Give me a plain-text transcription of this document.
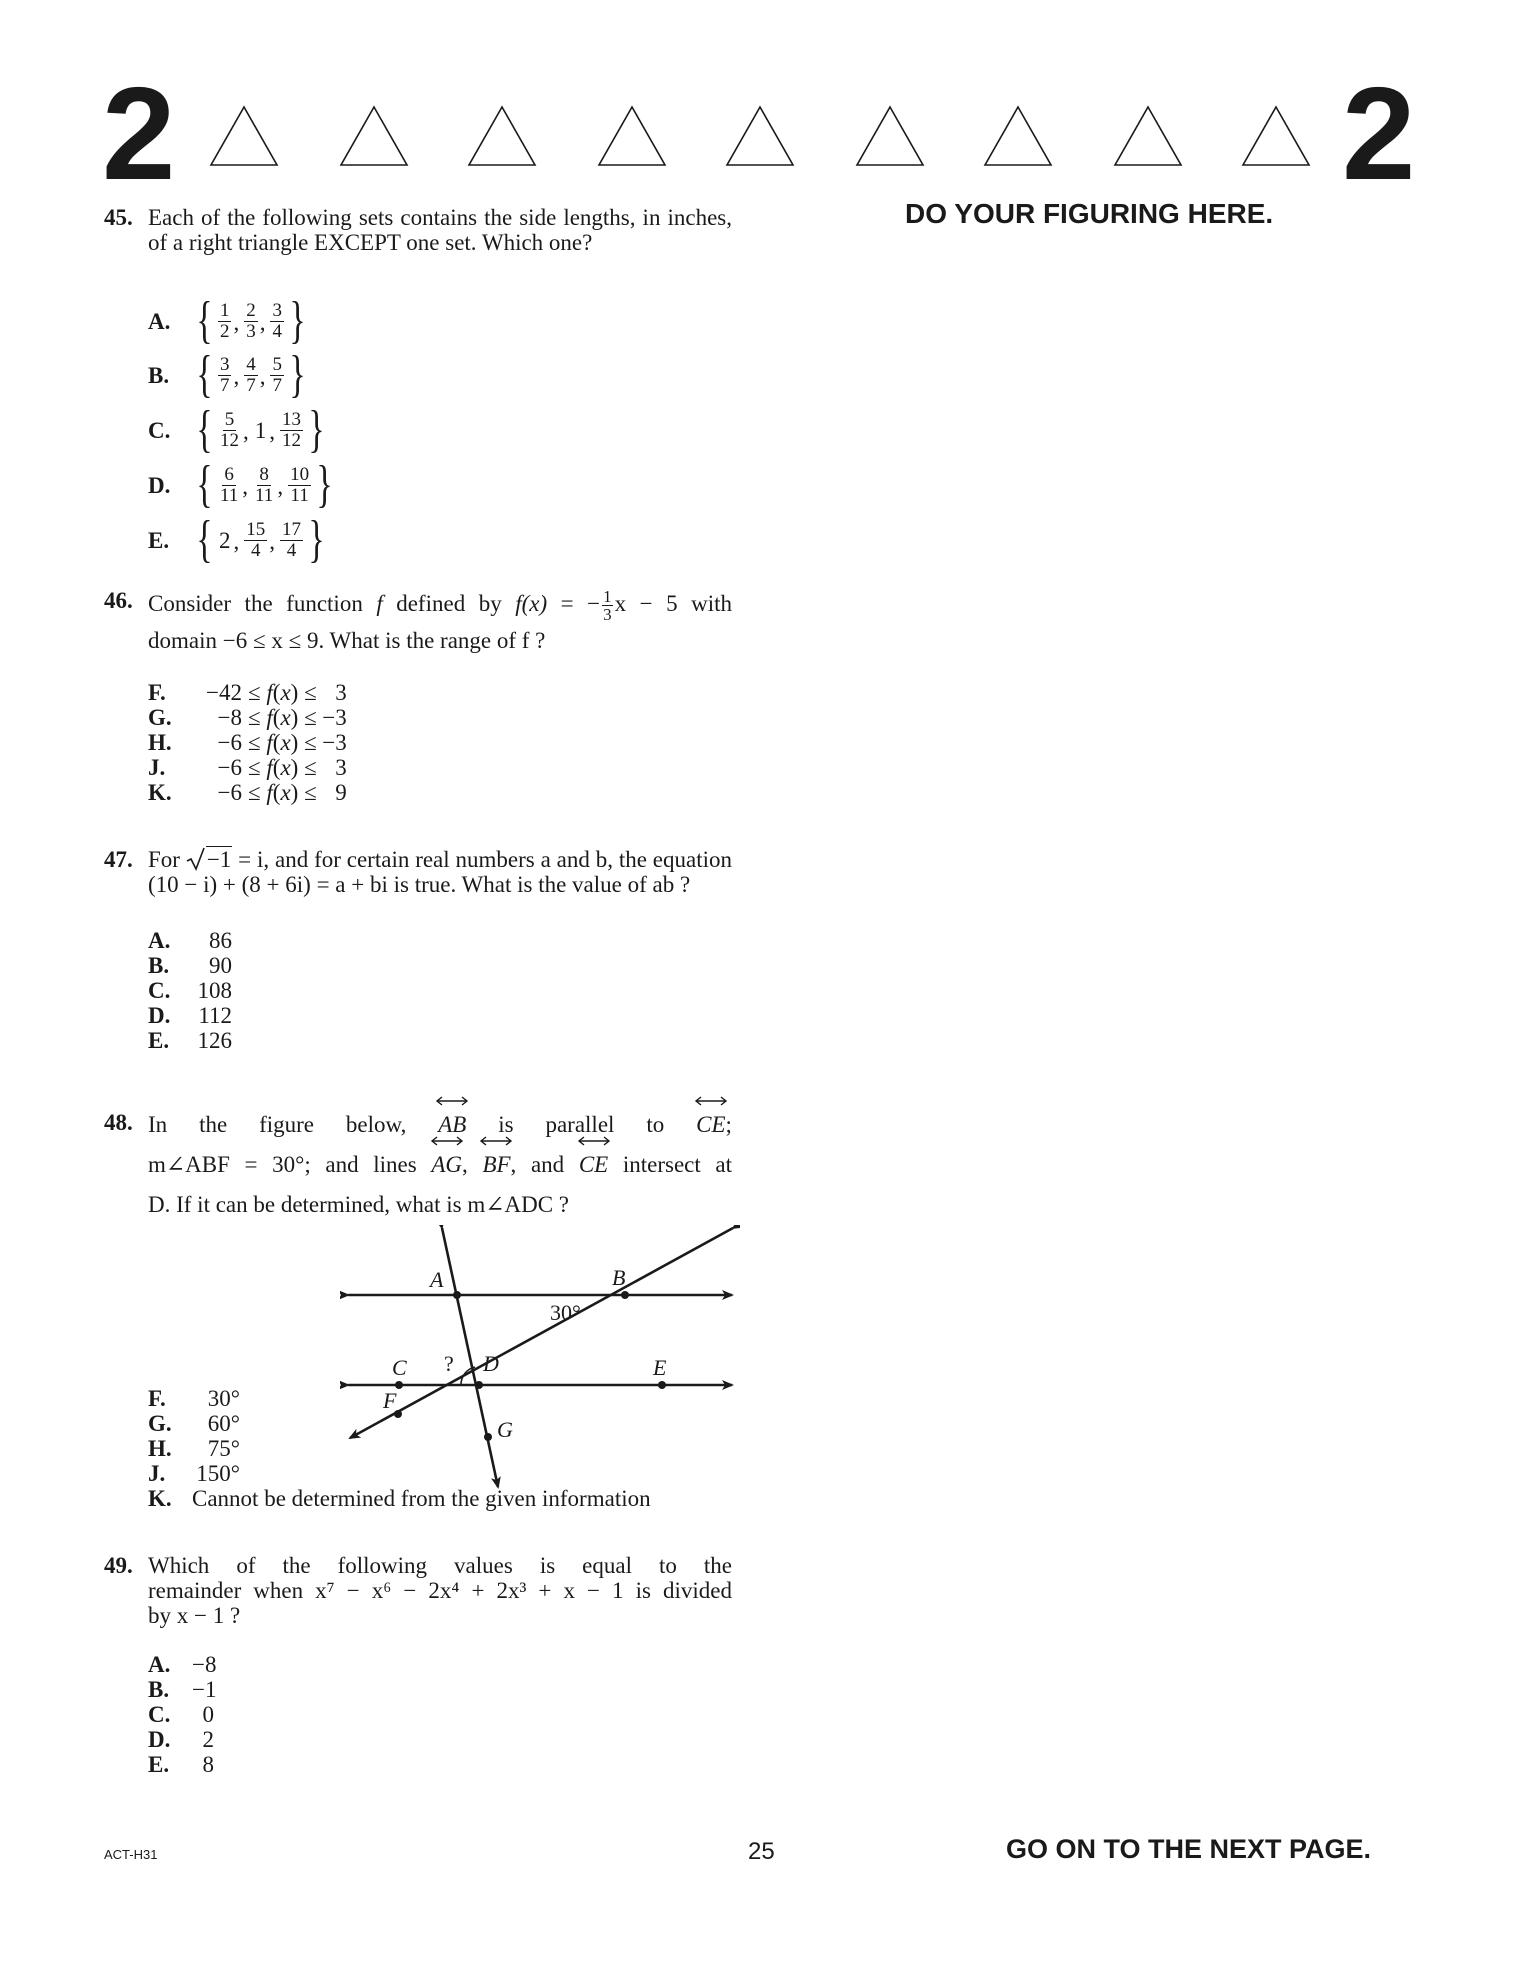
2	2
DO YOUR FIGURING HERE.
45. Each of the following sets contains the side lengths, in inches, of a right triangle EXCEPT one set. Which one?
A. { $\frac{1}{2}$ , $\frac{2}{3}$ , $\frac{3}{4}$ }
B. { $\frac{3}{7}$ , $\frac{4}{7}$ , $\frac{5}{7}$ }
C. { $\frac{5}{12}$ , 1 , $\frac{13}{12}$ }
D. { $\frac{6}{11}$ , $\frac{8}{11}$ , $\frac{10}{11}$ }
E. { 2 , $\frac{15}{4}$ , $\frac{17}{4}$ }
46. Consider the function f defined by f(x) = − $\frac{1}{3}$ x − 5 with
domain −6 ≤ x ≤ 9. What is the range of f ?
F. −42 ≤ f(x) ≤ 3
G. −8 ≤ f(x) ≤ −3
H. −6 ≤ f(x) ≤ −3
J. −6 ≤ f(x) ≤ 3
K. −6 ≤ f(x) ≤ 9
47. For −1 = i, and for certain real numbers a and b, the equation (10 − i) + (8 + 6i) = a + bi is true. What is the value of ab ?
A. 86
B. 90
C. 108
D. 112
E. 126
48. In the figure below, AB is parallel to CE
;
m∠ABF = 30°; and lines AG
, BF
, and CE
intersect at
D. If it can be determined, what is m∠ADC ?
A	B
C	D	E
F
G
?
30°
F. 30°
G. 60°
H. 75°
J. 150°
K. Cannot be determined from the given information
49. Which of the following values is equal to the
remainder when x⁷ − x⁶ − 2x⁴ + 2x³ + x − 1 is divided
by x − 1 ?
A. −8
B. −1
C. 0
D. 2
E. 8
ACT-H31	25	GO ON TO THE NEXT PAGE.
